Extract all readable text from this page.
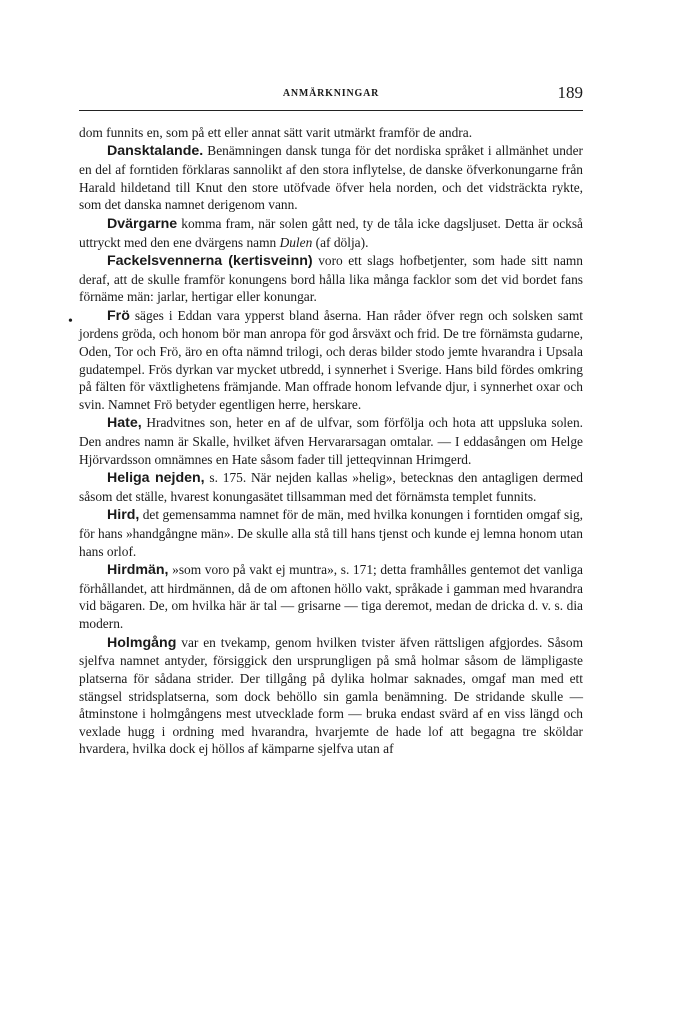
ANMÄRKNINGAR	189
•

dom funnits en, som på ett eller annat sätt varit utmärkt framför de andra.

Dansktalande. Benämningen dansk tunga för det nordiska språket i allmänhet under en del af forntiden förklaras sannolikt af den stora inflytelse, de danske öfverkonungarne från Harald hildetand till Knut den store utöfvade öfver hela norden, och det vidsträckta rykte, som det danska namnet derigenom vann.

Dvärgarne komma fram, när solen gått ned, ty de tåla icke dagsljuset. Detta är också uttryckt med den ene dvärgens namn Dulen (af dölja).

Fackelsvennerna (kertisveinn) voro ett slags hofbetjenter, som hade sitt namn deraf, att de skulle framför konungens bord hålla lika många facklor som det vid bordet fans förnäme män: jarlar, hertigar eller konungar.

Frö säges i Eddan vara ypperst bland åserna. Han råder öfver regn och solsken samt jordens gröda, och honom bör man anropa för god årsväxt och frid. De tre förnämsta gudarne, Oden, Tor och Frö, äro en ofta nämnd trilogi, och deras bilder stodo jemte hvarandra i Upsala gudatempel. Frös dyrkan var mycket utbredd, i synnerhet i Sverige. Hans bild fördes omkring på fälten för växtlighetens främjande. Man offrade honom lefvande djur, i synnerhet oxar och svin. Namnet Frö betyder egentligen herre, herskare.

Hate, Hradvitnes son, heter en af de ulfvar, som förfölja och hota att uppsluka solen. Den andres namn är Skalle, hvilket äfven Hervararsagan omtalar. — I eddasången om Helge Hjörvardsson omnämnes en Hate såsom fader till jetteqvinnan Hrimgerd.

Heliga nejden, s. 175. När nejden kallas »helig», betecknas den antagligen dermed såsom det ställe, hvarest konungasätet tillsamman med det förnämsta templet funnits.

Hird, det gemensamma namnet för de män, med hvilka konungen i forntiden omgaf sig, för hans »handgångne män». De skulle alla stå till hans tjenst och kunde ej lemna honom utan hans orlof.

Hirdmän, »som voro på vakt ej muntra», s. 171; detta framhålles gentemot det vanliga förhållandet, att hirdmännen, då de om aftonen höllo vakt, språkade i gamman med hvarandra vid bägaren. De, om hvilka här är tal — grisarne — tiga deremot, medan de dricka d. v. s. dia modern.

Holmgång var en tvekamp, genom hvilken tvister äfven rättsligen afgjordes. Såsom sjelfva namnet antyder, försiggick den ursprungligen på små holmar såsom de lämpligaste platserna för sådana strider. Der tillgång på dylika holmar saknades, omgaf man med ett stängsel stridsplatserna, som dock behöllo sin gamla benämning. De stridande skulle — åtminstone i holmgångens mest utvecklade form — bruka endast svärd af en viss längd och vexlade hugg i ordning med hvarandra, hvarjemte de hade lof att begagna tre sköldar hvardera, hvilka dock ej höllos af kämparne sjelfva utan af
